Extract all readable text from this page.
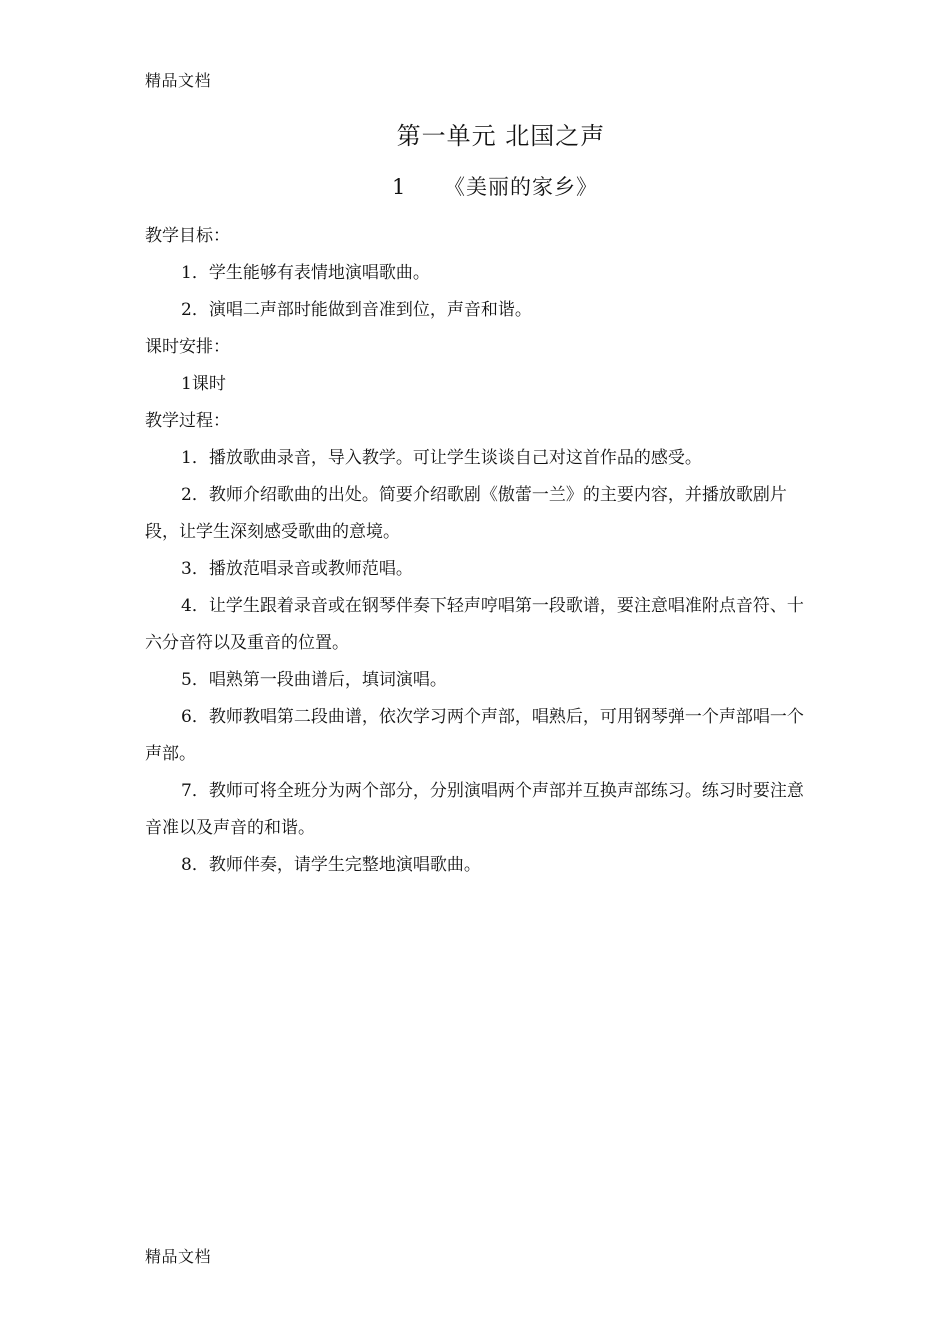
精品文档
第一单元 北国之声
1 《美丽的家乡》

教学目标：

1．学生能够有表情地演唱歌曲。

2．演唱二声部时能做到音准到位，声音和谐。

课时安排：

1课时

教学过程：

1．播放歌曲录音，导入教学。可让学生谈谈自己对这首作品的感受。

2．教师介绍歌曲的出处。简要介绍歌剧《傲蕾一兰》的主要内容，并播放歌剧片段，让学生深刻感受歌曲的意境。

3．播放范唱录音或教师范唱。

4．让学生跟着录音或在钢琴伴奏下轻声哼唱第一段歌谱，要注意唱准附点音符、十六分音符以及重音的位置。

5．唱熟第一段曲谱后，填词演唱。

6．教师教唱第二段曲谱，依次学习两个声部，唱熟后，可用钢琴弹一个声部唱一个声部。

7．教师可将全班分为两个部分，分别演唱两个声部并互换声部练习。练习时要注意音准以及声音的和谐。

8．教师伴奏，请学生完整地演唱歌曲。

精品文档
